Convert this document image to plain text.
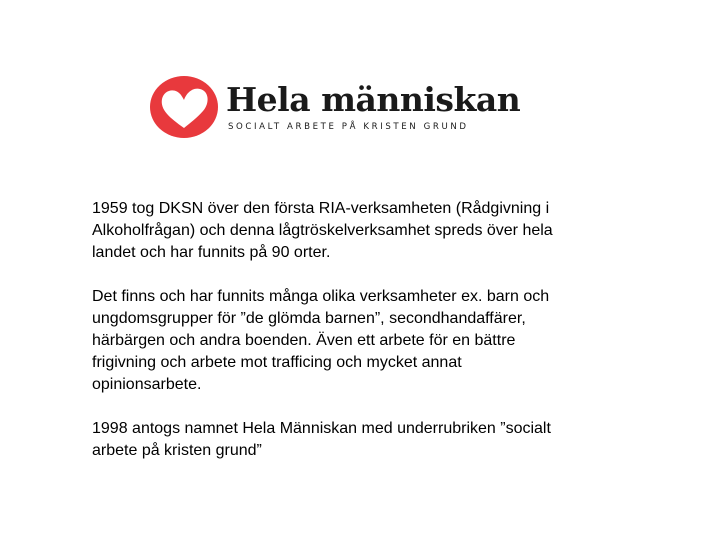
Hela människan
SOCIALT ARBETE PÅ KRISTEN GRUND

1959 tog DKSN över den första RIA-verksamheten (Rådgivning i
Alkoholfrågan) och denna lågtröskelverksamhet spreds över hela
landet och har funnits på 90 orter.

Det finns och har funnits många olika verksamheter ex. barn och
ungdomsgrupper för ”de glömda barnen”, secondhandaffärer,
härbärgen och andra boenden. Även ett arbete för en bättre
frigivning och arbete mot trafficing och mycket annat
opinionsarbete.

1998 antogs namnet Hela Människan med underrubriken ”socialt
arbete på kristen grund”
